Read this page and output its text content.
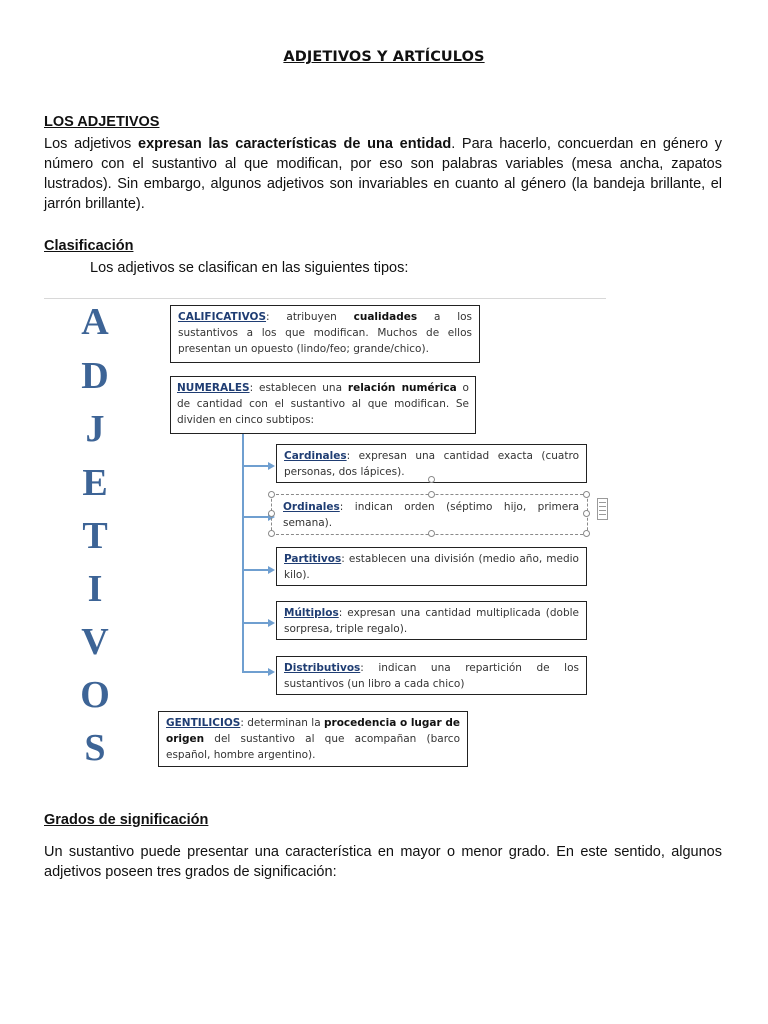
ADJETIVOS Y ARTÍCULOS
LOS ADJETIVOS

Los adjetivos expresan las características de una entidad. Para hacerlo, concuerdan en género y número con el sustantivo al que modifican, por eso son palabras variables (mesa ancha, zapatos lustrados). Sin embargo, algunos adjetivos son invariables en cuanto al género (la bandeja brillante, el jarrón brillante).

Clasificación
Los adjetivos se clasifican en las siguientes tipos:
A
D
J
E
T
I
V
O
S
CALIFICATIVOS: atribuyen cualidades a los sustantivos a los que modifican. Muchos de ellos presentan un opuesto (lindo/feo; grande/chico).
NUMERALES: establecen una relación numérica o de cantidad con el sustantivo al que modifican. Se dividen en cinco subtipos:
Cardinales: expresan una cantidad exacta (cuatro personas, dos lápices).
Ordinales: indican orden (séptimo hijo, primera semana).
Partitivos: establecen una división (medio año, medio kilo).
Múltiplos: expresan una cantidad multiplicada (doble sorpresa, triple regalo).
Distributivos: indican una repartición de los sustantivos (un libro a cada chico)
GENTILICIOS: determinan la procedencia o lugar de origen del sustantivo al que acompañan (barco español, hombre argentino).
Grados de significación

Un sustantivo puede presentar una característica en mayor o menor grado. En este sentido, algunos adjetivos poseen tres grados de significación:
